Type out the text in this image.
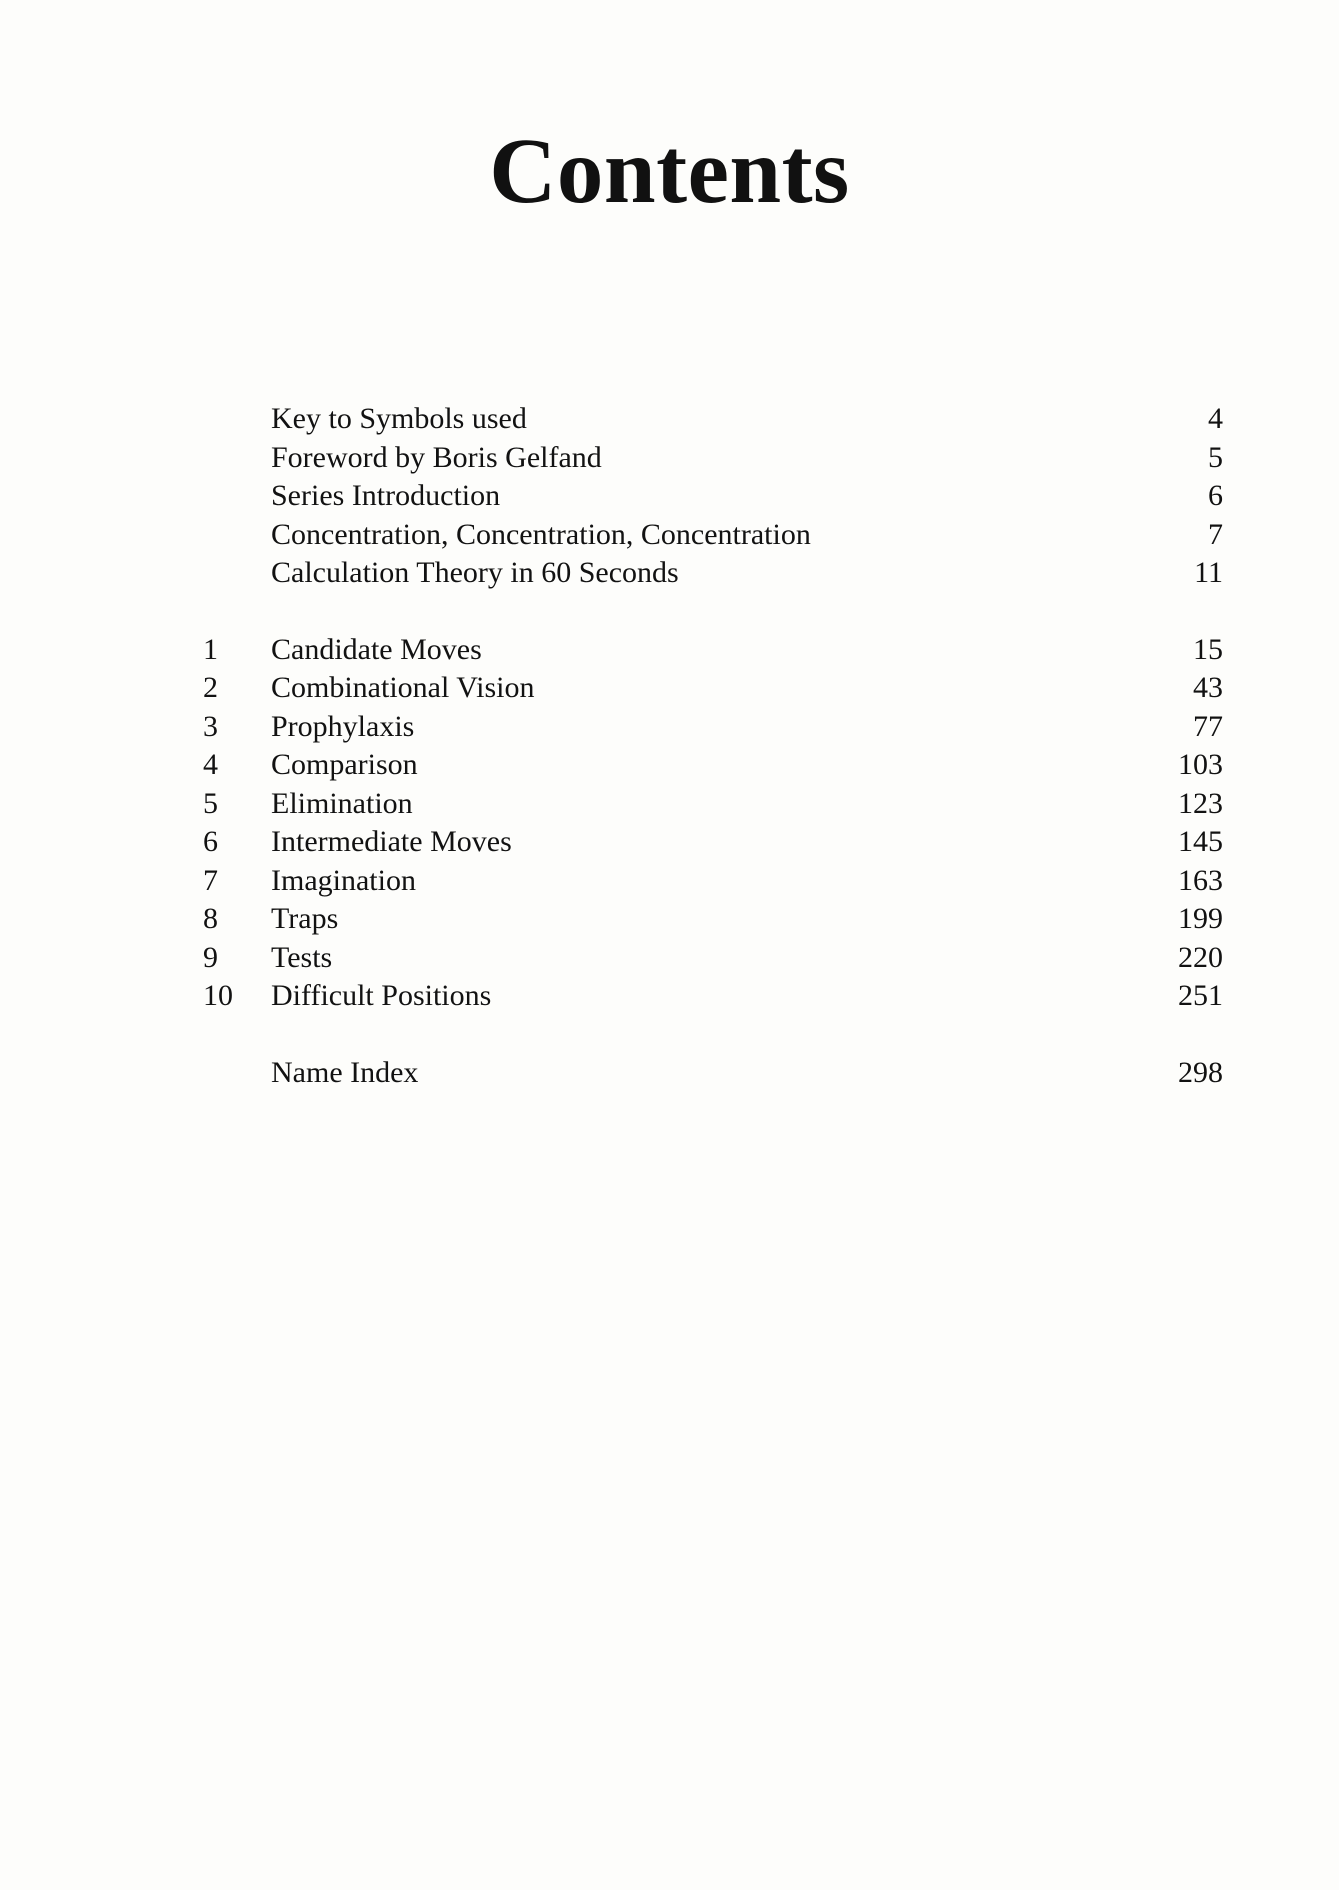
Contents
Key to Symbols used	4
Foreword by Boris Gelfand	5
Series Introduction	6
Concentration, Concentration, Concentration	7
Calculation Theory in 60 Seconds	11
1	Candidate Moves	15
2	Combinational Vision	43
3	Prophylaxis	77
4	Comparison	103
5	Elimination	123
6	Intermediate Moves	145
7	Imagination	163
8	Traps	199
9	Tests	220
10	Difficult Positions	251
Name Index	298
